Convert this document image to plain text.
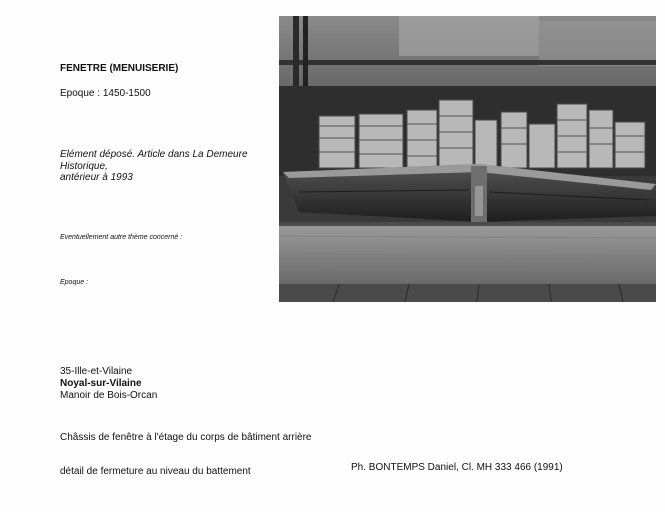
FENETRE (MENUISERIE)
Epoque : 1450-1500
Elément déposé. Article dans La Demeure Historique,
antérieur à 1993
Eventuellement autre thème concerné :
Epoque :
35-Ille-et-Vilaine
Noyal-sur-Vilaine
Manoir de Bois-Orcan
Châssis de fenêtre à l'étage du corps de bâtiment arrière
détail de fermeture au niveau du battement	Ph. BONTEMPS Daniel, Cl. MH 333 466 (1991)
